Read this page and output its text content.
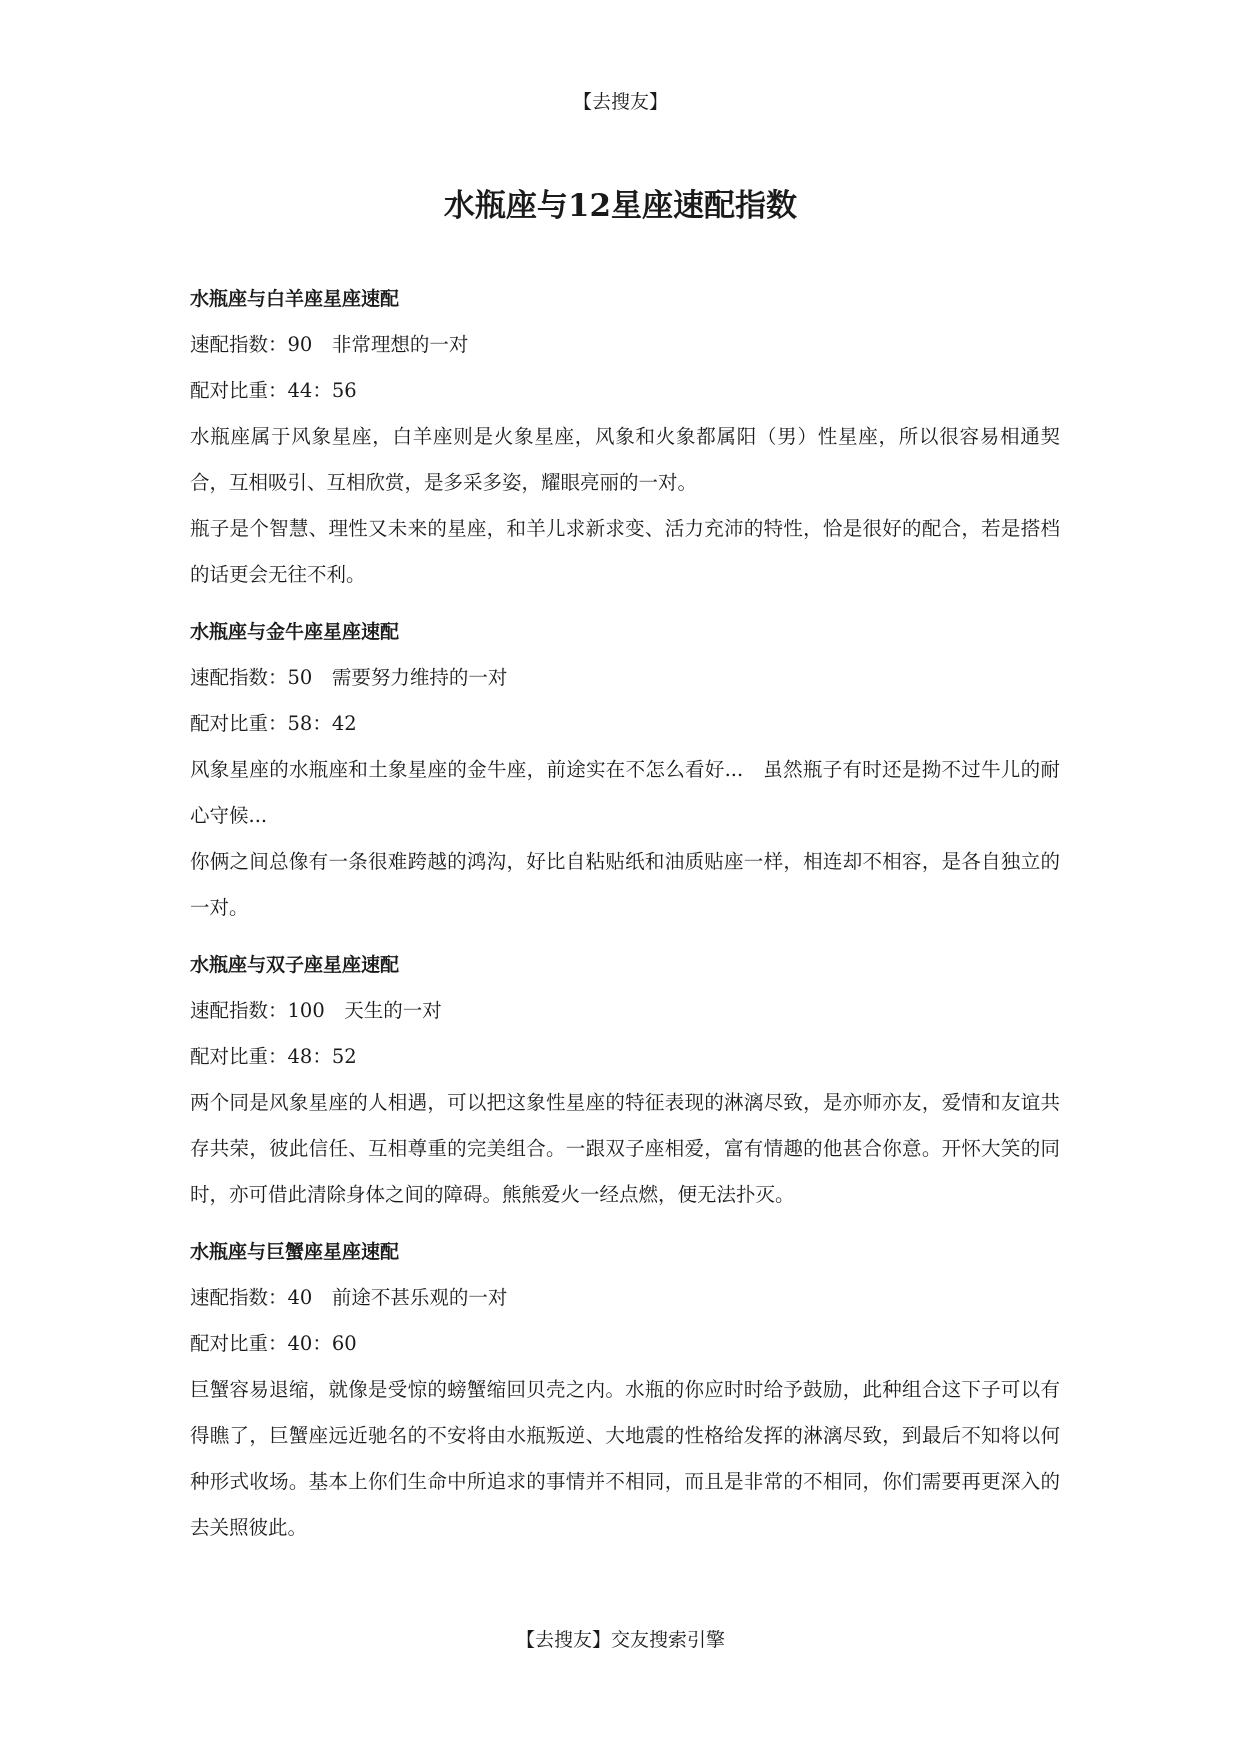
【去搜友】
水瓶座与12星座速配指数
水瓶座与白羊座星座速配

速配指数：90　非常理想的一对

配对比重：44：56

水瓶座属于风象星座，白羊座则是火象星座，风象和火象都属阳（男）性星座，所以很容易相通契合，互相吸引、互相欣赏，是多采多姿，耀眼亮丽的一对。

瓶子是个智慧、理性又未来的星座，和羊儿求新求变、活力充沛的特性，恰是很好的配合，若是搭档的话更会无往不利。

水瓶座与金牛座星座速配

速配指数：50　需要努力维持的一对

配对比重：58：42

风象星座的水瓶座和土象星座的金牛座，前途实在不怎么看好...　虽然瓶子有时还是拗不过牛儿的耐心守候...

你俩之间总像有一条很难跨越的鸿沟，好比自粘贴纸和油质贴座一样，相连却不相容，是各自独立的一对。

水瓶座与双子座星座速配

速配指数：100　天生的一对

配对比重：48：52

两个同是风象星座的人相遇，可以把这象性星座的特征表现的淋漓尽致，是亦师亦友，爱情和友谊共存共荣，彼此信任、互相尊重的完美组合。一跟双子座相爱，富有情趣的他甚合你意。开怀大笑的同时，亦可借此清除身体之间的障碍。熊熊爱火一经点燃，便无法扑灭。

水瓶座与巨蟹座星座速配

速配指数：40　前途不甚乐观的一对

配对比重：40：60

巨蟹容易退缩，就像是受惊的螃蟹缩回贝壳之内。水瓶的你应时时给予鼓励，此种组合这下子可以有得瞧了，巨蟹座远近驰名的不安将由水瓶叛逆、大地震的性格给发挥的淋漓尽致，到最后不知将以何种形式收场。基本上你们生命中所追求的事情并不相同，而且是非常的不相同，你们需要再更深入的去关照彼此。

【去搜友】交友搜索引擎
